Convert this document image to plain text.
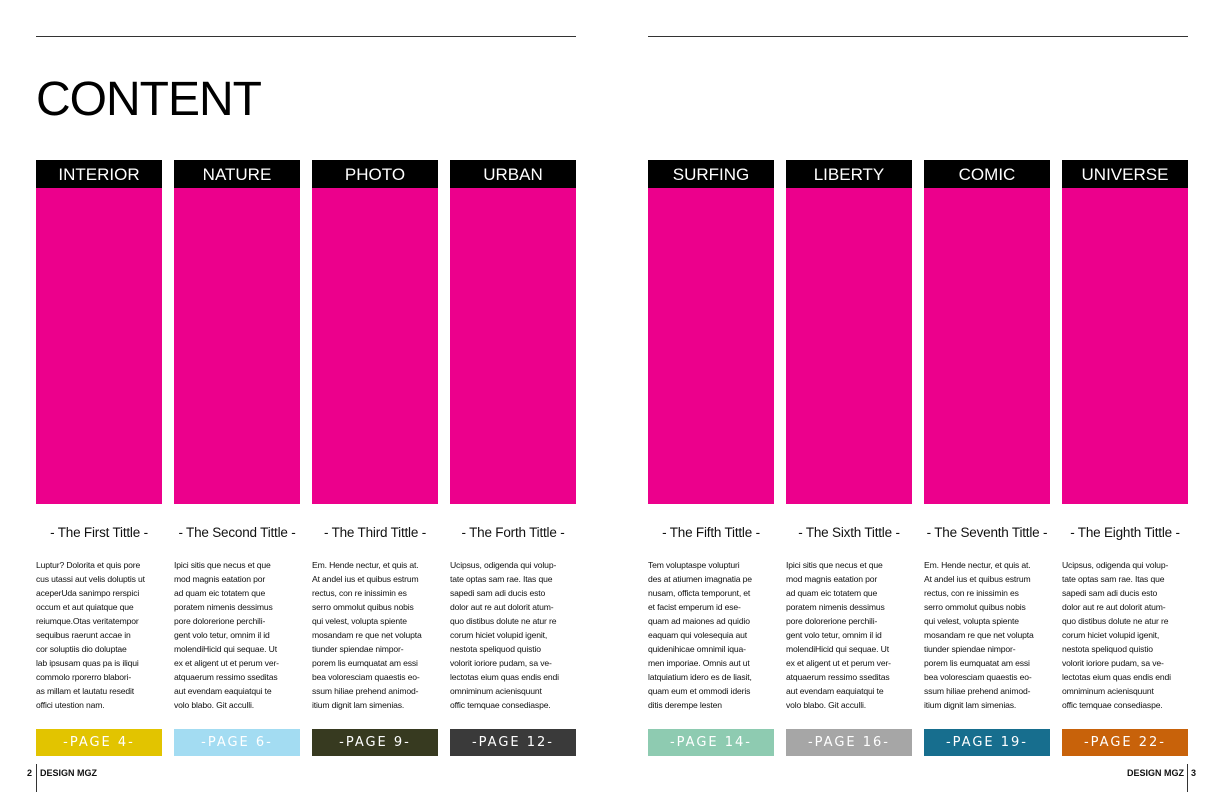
CONTENT
INTERIOR
- The First Tittle -
Luptur? Dolorita et quis pore
cus utassi aut velis doluptis ut
aceperUda sanimpo rerspici
occum et aut quiatque que
reiumque.Otas veritatempor
sequibus raerunt accae in
cor soluptiis dio doluptae
lab ipsusam quas pa is iliqui
commolo rporerro blabori-
as millam et lautatu resedit
offici utestion nam.
-PAGE 4-
NATURE
- The Second Tittle -
Ipici sitis que necus et que
mod magnis eatation por
ad quam eic totatem que
poratem nimenis dessimus
pore dolorerione perchili-
gent volo tetur, omnim il id
molendiHicid qui sequae. Ut
ex et aligent ut et perum ver-
atquaerum ressimo sseditas
aut evendam eaquiatqui te
volo blabo. Git acculli.
-PAGE 6-
PHOTO
- The Third Tittle -
Em. Hende nectur, et quis at.
At andel ius et quibus estrum
rectus, con re inissimin es
serro ommolut quibus nobis
qui velest, volupta spiente
mosandam re que net volupta
tiunder spiendae nimpor-
porem lis eumquatat am essi
bea volorescіam quaestis eo-
ssum hiliae prehend animod-
itium dignit lam simenias.
-PAGE 9-
URBAN
- The Forth Tittle -
Ucipsus, odigenda qui volup-
tate optas sam rae. Itas que
sapedi sam adi ducis esto
dolor aut re aut dolorit atum-
quo distibus dolute ne atur re
corum hiciet volupid igenit,
nestota speliquod quistio
volorit ioriore pudam, sa ve-
lectotas eium quas endis endi
omniminum acienisquunt
offic temquae consediaspe.
-PAGE 12-
SURFING
- The Fifth Tittle -
Tem voluptaspe volupturi
des at atiumen imagnatia pe
nusam, officta temporunt, et
et facist emperum id ese-
quam ad maiones ad quidio
eaquam qui volesequia aut
quidenihicae omnimil iqua-
men imporiae. Omnis aut ut
latquiatium idero es de liasit,
quam eum et ommodi ideris
ditis derempe lesten
-PAGE 14-
LIBERTY
- The Sixth Tittle -
Ipici sitis que necus et que
mod magnis eatation por
ad quam eic totatem que
poratem nimenis dessimus
pore dolorerione perchili-
gent volo tetur, omnim il id
molendiHicid qui sequae. Ut
ex et aligent ut et perum ver-
atquaerum ressimo sseditas
aut evendam eaquiatqui te
volo blabo. Git acculli.
-PAGE 16-
COMIC
- The Seventh Tittle -
Em. Hende nectur, et quis at.
At andel ius et quibus estrum
rectus, con re inissimin es
serro ommolut quibus nobis
qui velest, volupta spiente
mosandam re que net volupta
tiunder spiendae nimpor-
porem lis eumquatat am essi
bea volorescіam quaestis eo-
ssum hiliae prehend animod-
itium dignit lam simenias.
-PAGE 19-
UNIVERSE
- The Eighth Tittle -
Ucipsus, odigenda qui volup-
tate optas sam rae. Itas que
sapedi sam adi ducis esto
dolor aut re aut dolorit atum-
quo distibus dolute ne atur re
corum hiciet volupid igenit,
nestota speliquod quistio
volorit ioriore pudam, sa ve-
lectotas eium quas endis endi
omniminum acienisquunt
offic temquae consediaspe.
-PAGE 22-
2 DESIGN MGZ	DESIGN MGZ 3
